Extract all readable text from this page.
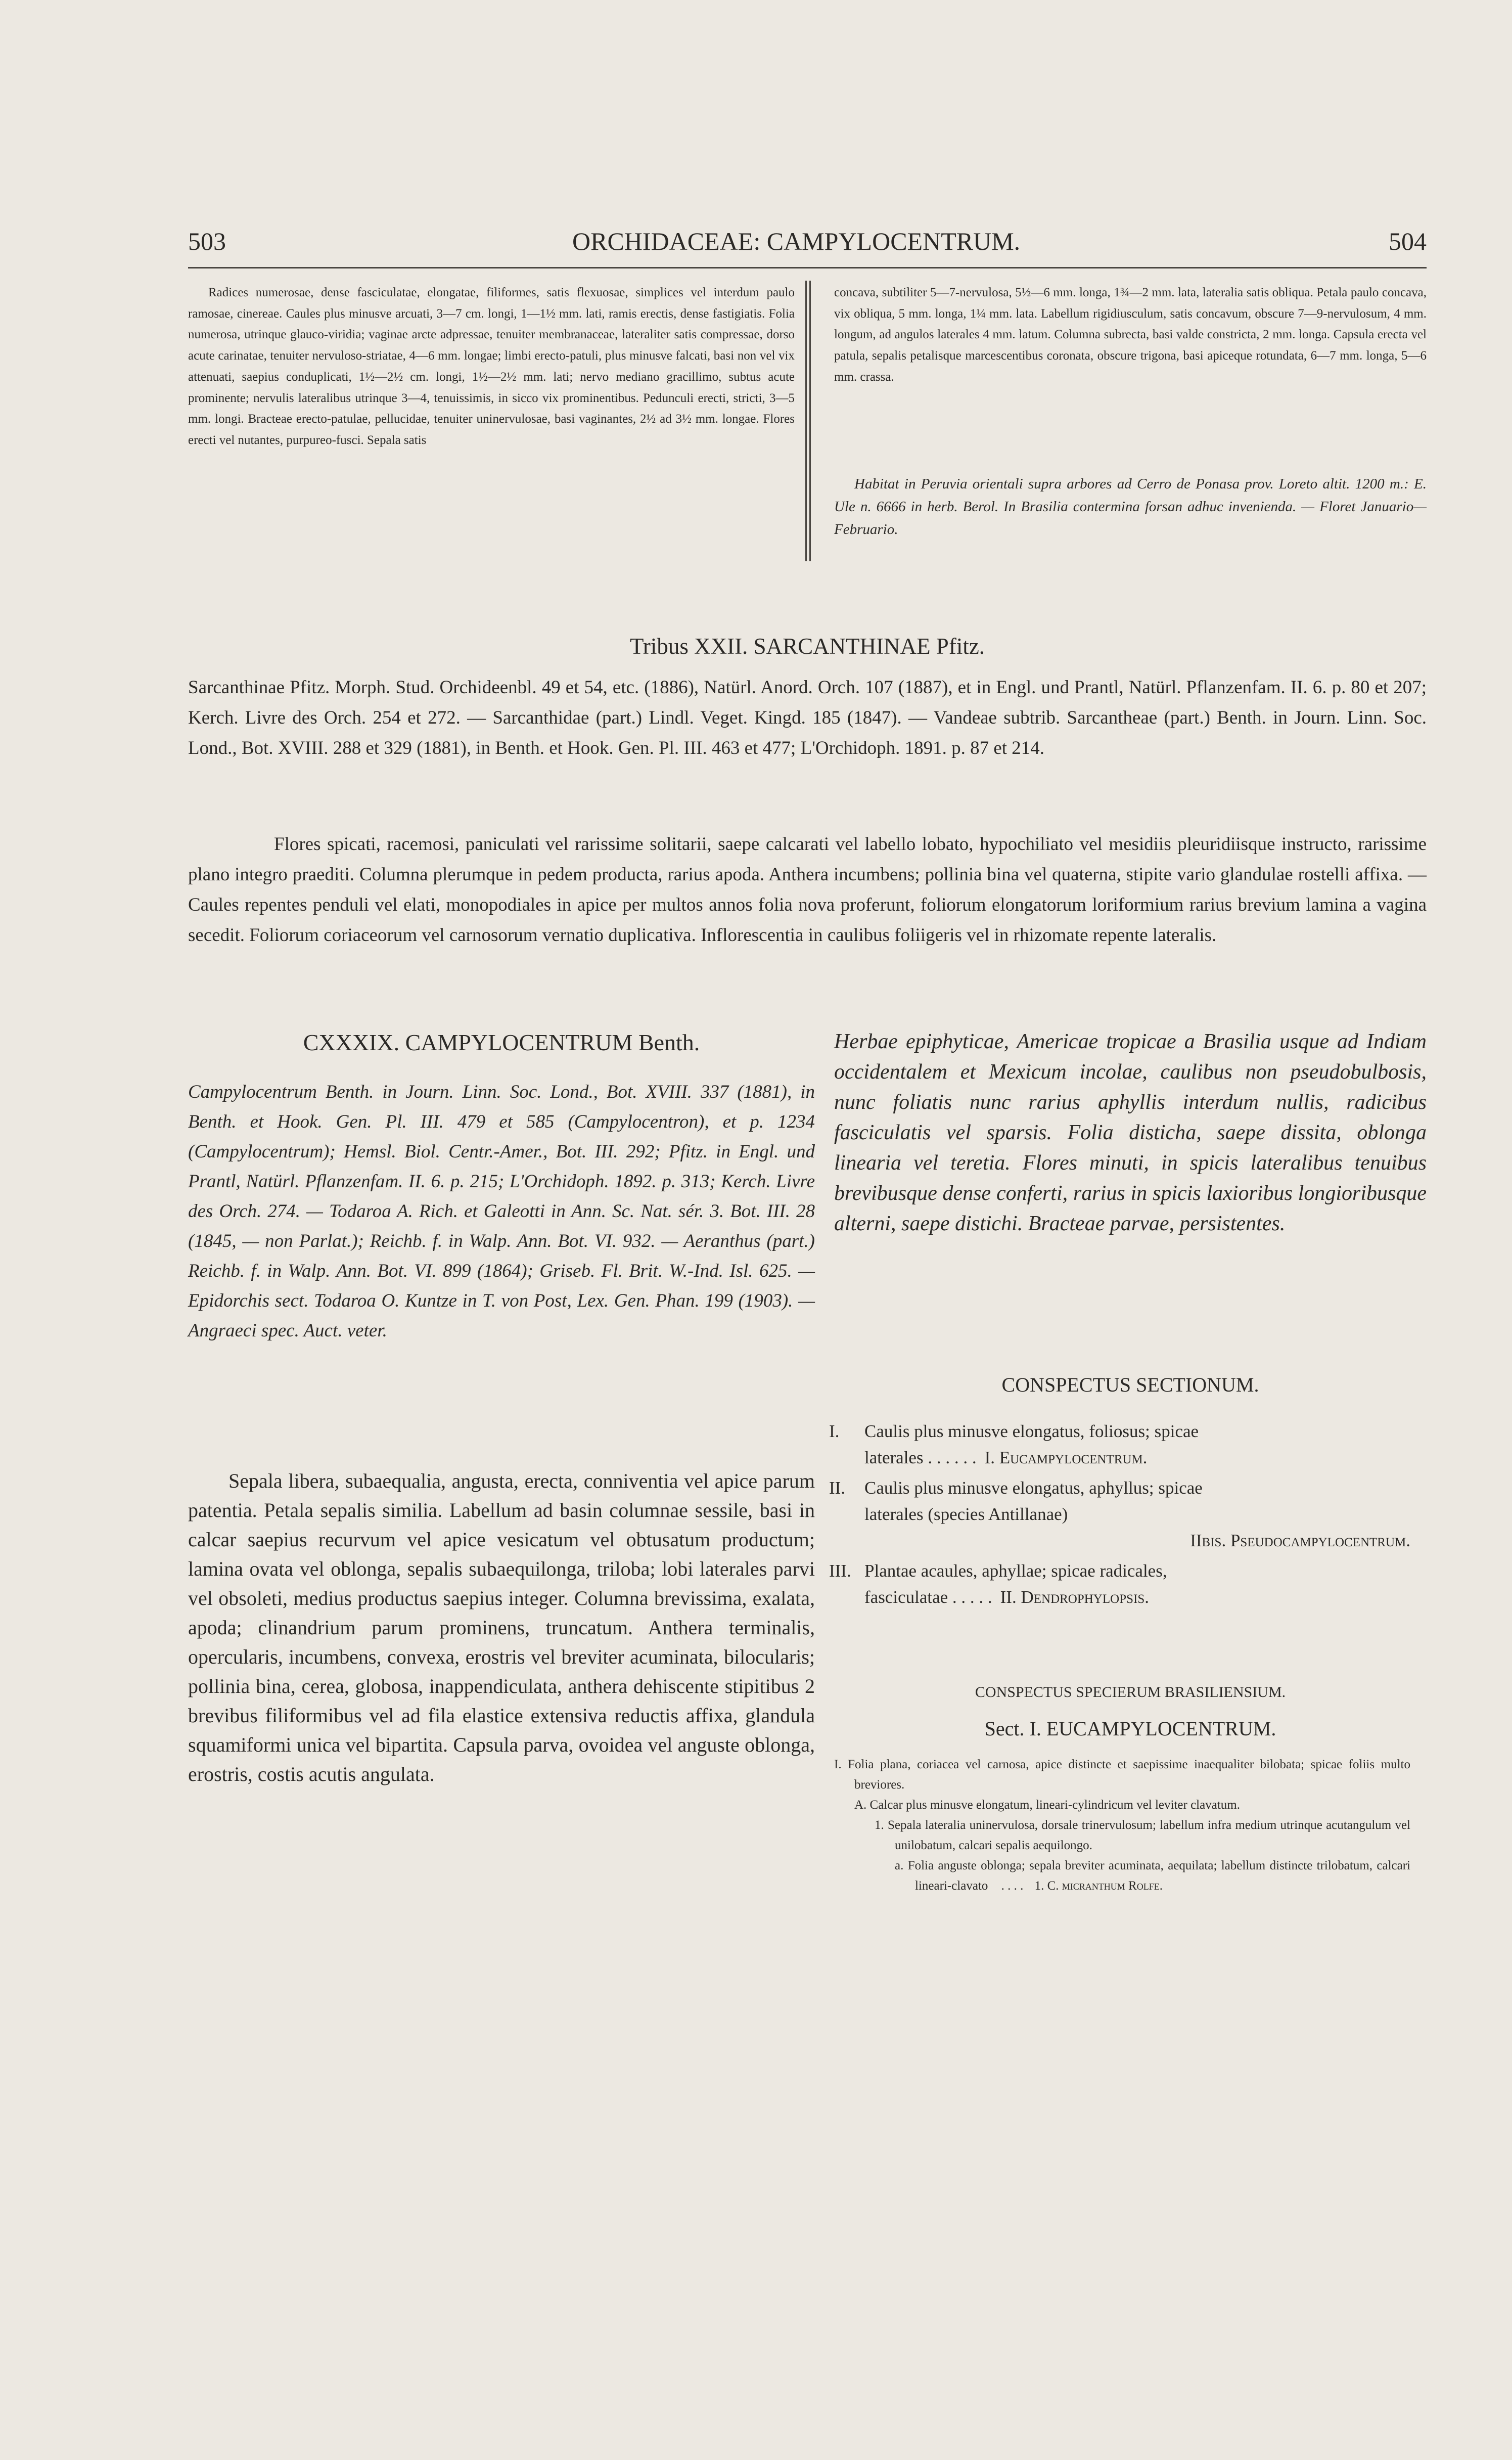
503	ORCHIDACEAE: CAMPYLOCENTRUM.	504
Radices numerosae, dense fasciculatae, elongatae, filiformes, satis flexuosae, simplices vel interdum paulo ramosae, cinereae. Caules plus minusve arcuati, 3—7 cm. longi, 1—1½ mm. lati, ramis erectis, dense fastigiatis. Folia numerosa, utrinque glauco-viridia; vaginae arcte adpressae, tenuiter membranaceae, lateraliter satis compressae, dorso acute carinatae, tenuiter nervuloso-striatae, 4—6 mm. longae; limbi erecto-patuli, plus minusve falcati, basi non vel vix attenuati, saepius conduplicati, 1½—2½ cm. longi, 1½—2½ mm. lati; nervo mediano gracillimo, subtus acute prominente; nervulis lateralibus utrinque 3—4, tenuissimis, in sicco vix prominentibus. Pedunculi erecti, stricti, 3—5 mm. longi. Bracteae erecto-patulae, pellucidae, tenuiter uninervulosae, basi vaginantes, 2½ ad 3½ mm. longae. Flores erecti vel nutantes, purpureo-fusci. Sepala satis
concava, subtiliter 5—7-nervulosa, 5½—6 mm. longa, 1¾—2 mm. lata, lateralia satis obliqua. Petala paulo concava, vix obliqua, 5 mm. longa, 1¼ mm. lata. Labellum rigidiusculum, satis concavum, obscure 7—9-nervulosum, 4 mm. longum, ad angulos laterales 4 mm. latum. Columna subrecta, basi valde constricta, 2 mm. longa. Capsula erecta vel patula, sepalis petalisque marcescentibus coronata, obscure trigona, basi apiceque rotundata, 6—7 mm. longa, 5—6 mm. crassa.
Habitat in Peruvia orientali supra arbores ad Cerro de Ponasa prov. Loreto altit. 1200 m.: E. Ule n. 6666 in herb. Berol. In Brasilia contermina forsan adhuc invenienda. — Floret Januario—Februario.
Tribus XXII. SARCANTHINAE Pfitz.
Sarcanthinae Pfitz. Morph. Stud. Orchideenbl. 49 et 54, etc. (1886), Natürl. Anord. Orch. 107 (1887), et in Engl. und Prantl, Natürl. Pflanzenfam. II. 6. p. 80 et 207; Kerch. Livre des Orch. 254 et 272. — Sarcanthidae (part.) Lindl. Veget. Kingd. 185 (1847). — Vandeae subtrib. Sarcantheae (part.) Benth. in Journ. Linn. Soc. Lond., Bot. XVIII. 288 et 329 (1881), in Benth. et Hook. Gen. Pl. III. 463 et 477; L'Orchidoph. 1891. p. 87 et 214.
Flores spicati, racemosi, paniculati vel rarissime solitarii, saepe calcarati vel labello lobato, hypochiliato vel mesidiis pleuridiisque instructo, rarissime plano integro praediti. Columna plerumque in pedem producta, rarius apoda. Anthera incumbens; pollinia bina vel quaterna, stipite vario glandulae rostelli affixa. — Caules repentes penduli vel elati, monopodiales in apice per multos annos folia nova proferunt, foliorum elongatorum loriformium rarius brevium lamina a vagina secedit. Foliorum coriaceorum vel carnosorum vernatio duplicativa. Inflorescentia in caulibus foliigeris vel in rhizomate repente lateralis.
CXXXIX. CAMPYLOCENTRUM Benth.
Campylocentrum Benth. in Journ. Linn. Soc. Lond., Bot. XVIII. 337 (1881), in Benth. et Hook. Gen. Pl. III. 479 et 585 (Campylocentron), et p. 1234 (Campylocentrum); Hemsl. Biol. Centr.-Amer., Bot. III. 292; Pfitz. in Engl. und Prantl, Natürl. Pflanzenfam. II. 6. p. 215; L'Orchidoph. 1892. p. 313; Kerch. Livre des Orch. 274. — Todaroa A. Rich. et Galeotti in Ann. Sc. Nat. sér. 3. Bot. III. 28 (1845, — non Parlat.); Reichb. f. in Walp. Ann. Bot. VI. 932. — Aeranthus (part.) Reichb. f. in Walp. Ann. Bot. VI. 899 (1864); Griseb. Fl. Brit. W.-Ind. Isl. 625. — Epidorchis sect. Todaroa O. Kuntze in T. von Post, Lex. Gen. Phan. 199 (1903). — Angraeci spec. Auct. veter.
Sepala libera, subaequalia, angusta, erecta, conniventia vel apice parum patentia. Petala sepalis similia. Labellum ad basin columnae sessile, basi in calcar saepius recurvum vel apice vesicatum vel obtusatum productum; lamina ovata vel oblonga, sepalis subaequilonga, triloba; lobi laterales parvi vel obsoleti, medius productus saepius integer. Columna brevissima, exalata, apoda; clinandrium parum prominens, truncatum. Anthera terminalis, opercularis, incumbens, convexa, erostris vel breviter acuminata, bilocularis; pollinia bina, cerea, globosa, inappendiculata, anthera dehiscente stipitibus 2 brevibus filiformibus vel ad fila elastice extensiva reductis affixa, glandula squamiformi unica vel bipartita. Capsula parva, ovoidea vel anguste oblonga, erostris, costis acutis angulata.
Herbae epiphyticae, Americae tropicae a Brasilia usque ad Indiam occidentalem et Mexicum incolae, caulibus non pseudobulbosis, nunc foliatis nunc rarius aphyllis interdum nullis, radicibus fasciculatis vel sparsis. Folia disticha, saepe dissita, oblonga linearia vel teretia. Flores minuti, in spicis lateralibus tenuibus brevibusque dense conferti, rarius in spicis laxioribus longioribusque alterni, saepe distichi. Bracteae parvae, persistentes.
CONSPECTUS SECTIONUM.
I.	Caulis plus minusve elongatus, foliosus; spicae
laterales . . . . . . I. Eucampylocentrum.
II.	Caulis plus minusve elongatus, aphyllus; spicae
laterales (species Antillanae)
IIbis. Pseudocampylocentrum.
III. Plantae acaules, aphyllae; spicae radicales,
fasciculatae . . . . . II. Dendrophylopsis.
CONSPECTUS SPECIERUM BRASILIENSIUM.
Sect. I. EUCAMPYLOCENTRUM.

I. Folia plana, coriacea vel carnosa, apice distincte et saepissime inaequaliter bilobata; spicae foliis multo breviores.

A. Calcar plus minusve elongatum, lineari-cylindricum vel leviter clavatum.

1. Sepala lateralia uninervulosa, dorsale trinervulosum; labellum infra medium utrinque acutangulum vel unilobatum, calcari sepalis aequilongo.

a. Folia anguste oblonga; sepala breviter acuminata, aequilata; labellum distincte trilobatum, calcari lineari-clavato . . . . 1. C. micranthum Rolfe.
